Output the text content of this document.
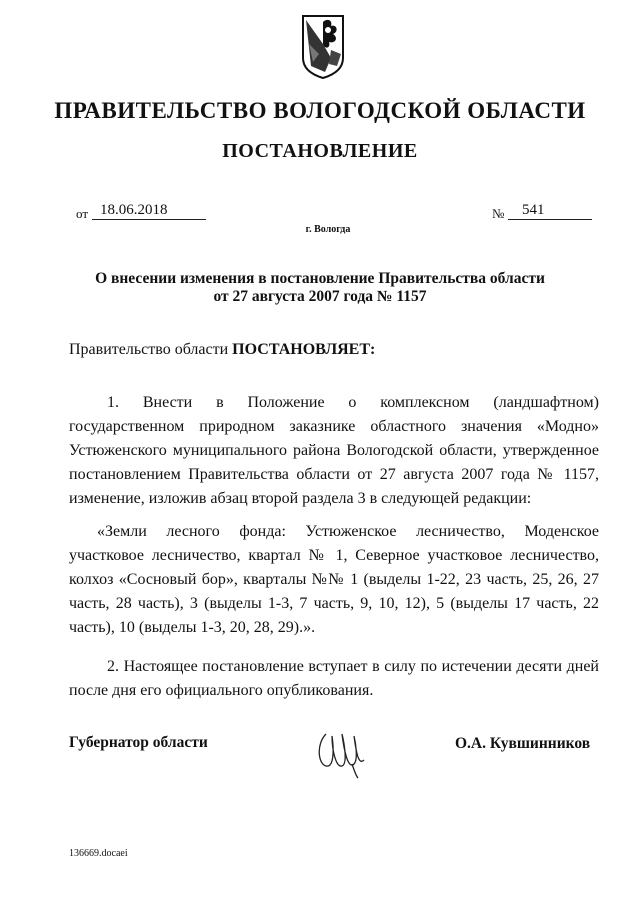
ПРАВИТЕЛЬСТВО ВОЛОГОДСКОЙ ОБЛАСТИ
ПОСТАНОВЛЕНИЕ
от 18.06.2018	№ 541
г. Вологда
О внесении изменения в постановление Правительства области
от 27 августа 2007 года № 1157
Правительство области ПОСТАНОВЛЯЕТ:
1. Внести в Положение о комплексном (ландшафтном) государственном природном заказнике областного значения «Модно» Устюженского муниципального района Вологодской области, утвержденное постановлением Правительства области от 27 августа 2007 года № 1157, изменение, изложив абзац второй раздела 3 в следующей редакции:
«Земли лесного фонда: Устюженское лесничество, Моденское участковое лесничество, квартал № 1, Северное участковое лесничество, колхоз «Сосновый бор», кварталы №№ 1 (выделы 1-22, 23 часть, 25, 26, 27 часть, 28 часть), 3 (выделы 1-3, 7 часть, 9, 10, 12), 5 (выделы 17 часть, 22 часть), 10 (выделы 1-3, 20, 28, 29).».
2. Настоящее постановление вступает в силу по истечении десяти дней после дня его официального опубликования.
Губернатор области	О.А. Кувшинников
136669.docaei
